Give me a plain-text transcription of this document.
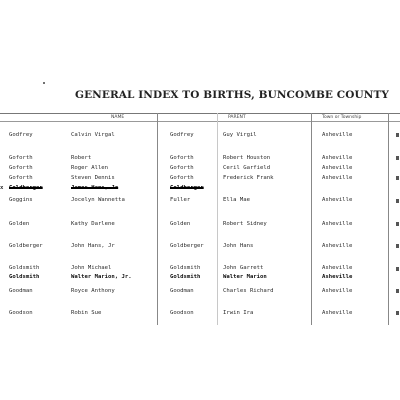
GENERAL INDEX TO BIRTHS, BUNCOMBE COUNTY
NAME	PARENT	Town or Township
Godfrey	Calvin Virgal	Godfrey	Guy Virgil	Asheville
Goforth	Robert	Goforth	Robert Houston	Asheville
Goforth	Roger Allen	Goforth	Ceril Garfield	Asheville
Goforth	Steven Dennis	Goforth	Frederick Frank	Asheville
x Goldberger	James Hans, Jr	Goldberger
Goggins	Jocelyn Wannetta	Fuller	Ella Mae	Asheville
Golden	Kathy Darlene	Golden	Robert Sidney	Asheville
Goldberger	John Hans, Jr	Goldberger	John Hans	Asheville
Goldsmith	John Michael	Goldsmith	John Garrett	Asheville
Goldsmith	Walter Marion, Jr.	Goldsmith	Walter Marion	Asheville
Goodman	Royce Anthony	Goodman	Charles Richard	Asheville
Goodson	Robin Sue	Goodson	Irwin Ira	Asheville
